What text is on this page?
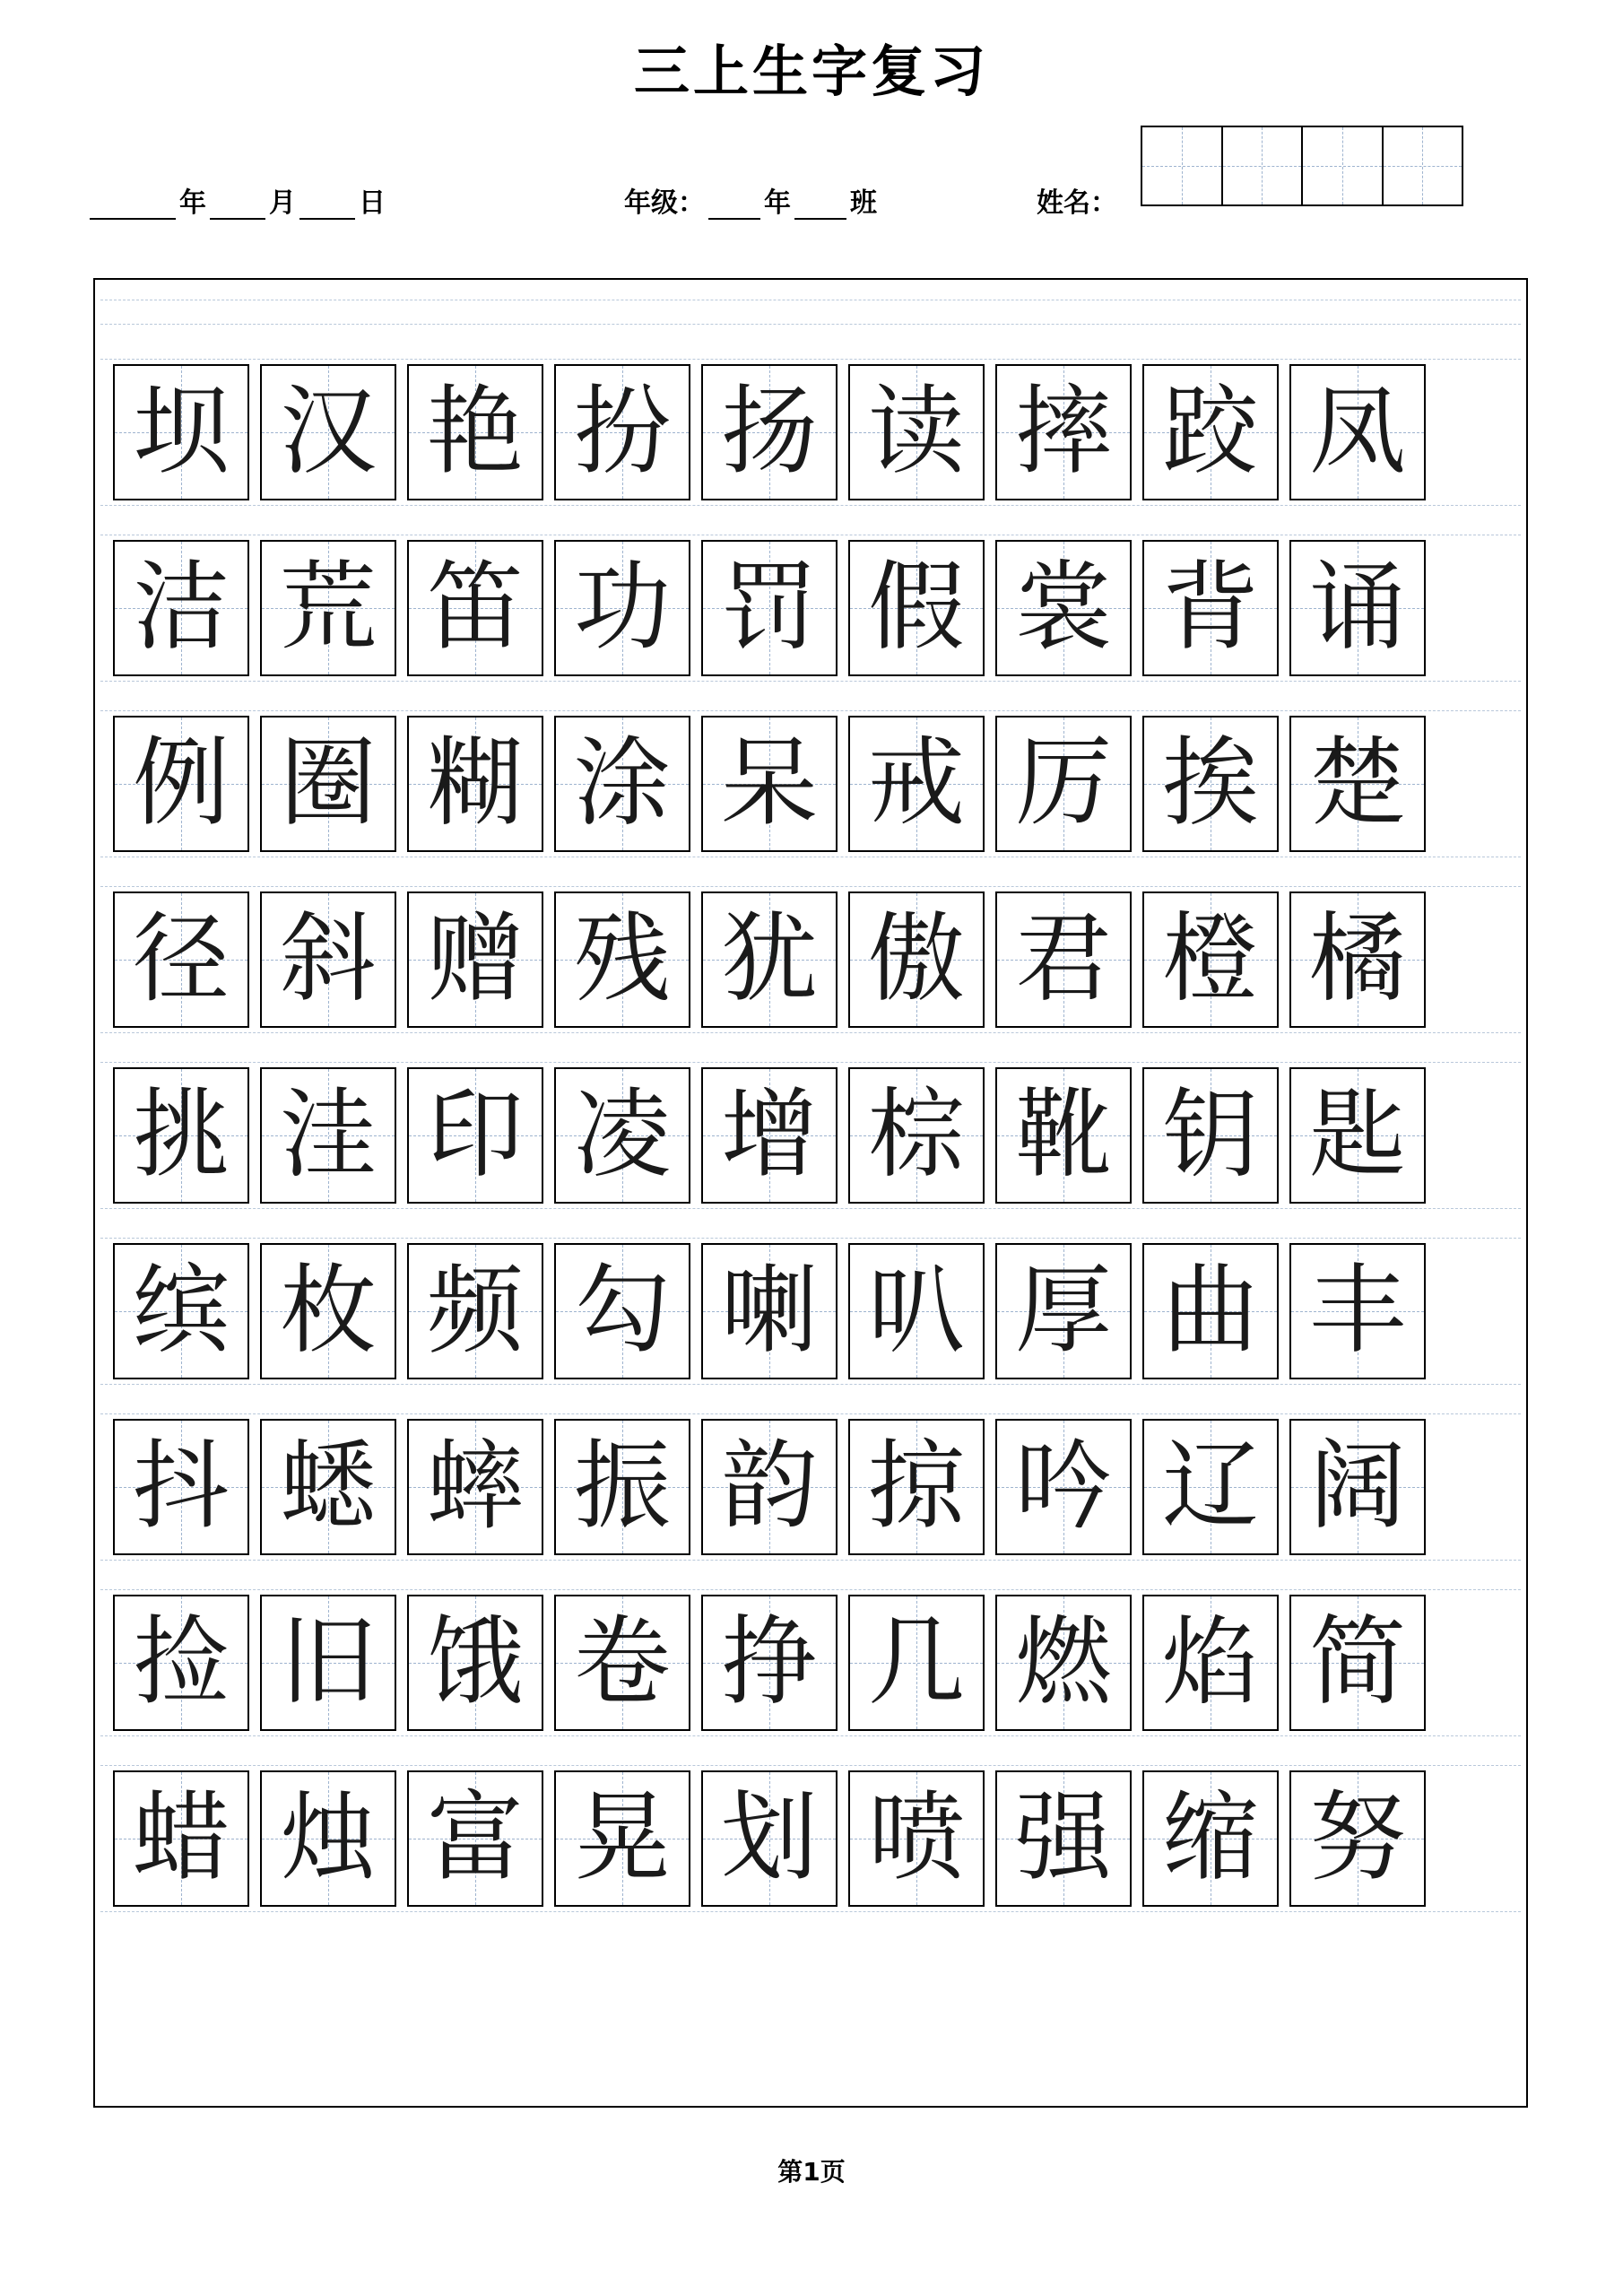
三上生字复习
年 月 日	年级： 年 班	姓名：
坝 汉 艳 扮 扬 读 摔 跤 凤
洁 荒 笛 功 罚 假 裳 背 诵
例 圈 糊 涂 呆 戒 厉 挨 楚
径 斜 赠 残 犹 傲 君 橙 橘
挑 洼 印 凌 增 棕 靴 钥 匙
缤 枚 频 勾 喇 叭 厚 曲 丰
抖 蟋 蟀 振 韵 掠 吟 辽 阔
捡 旧 饿 卷 挣 几 燃 焰 简
蜡 烛 富 晃 划 喷 强 缩 努
第1页
